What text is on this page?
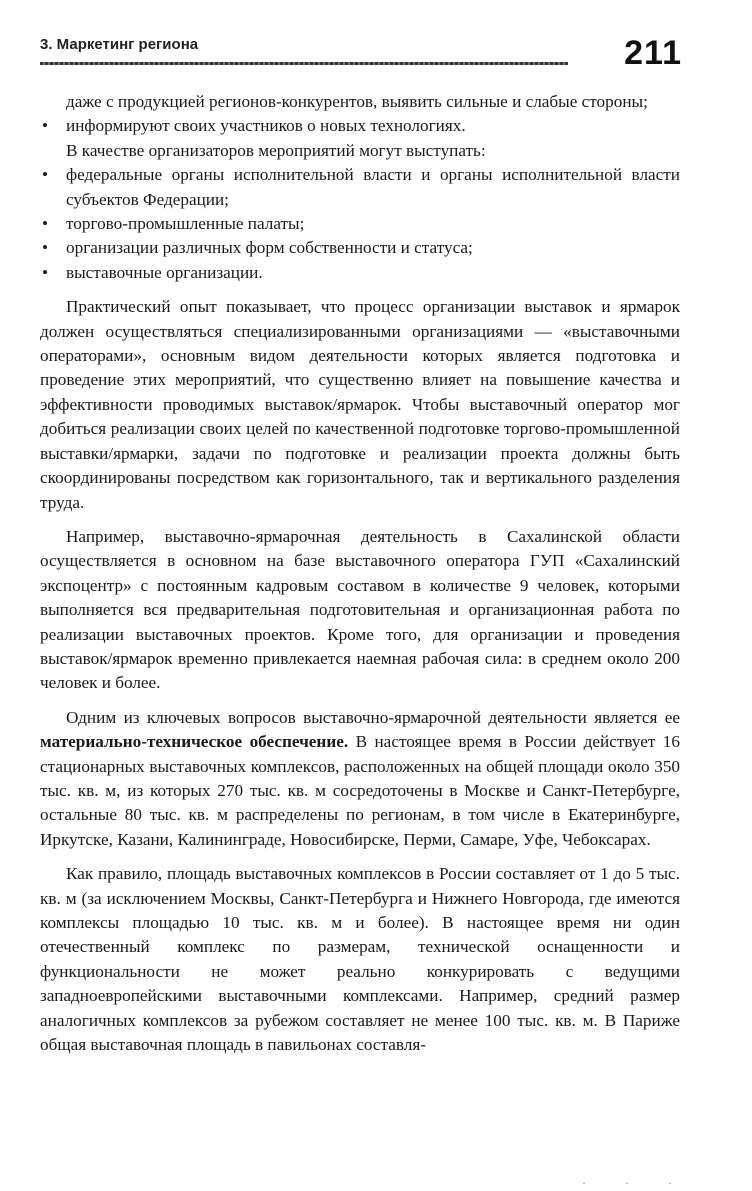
3. Маркетинг региона	211

даже с продукцией регионов-конкурентов, выявить сильные и слабые стороны;

• информируют своих участников о новых технологиях.

В качестве организаторов мероприятий могут выступать:

• федеральные органы исполнительной власти и органы исполнительной власти субъектов Федерации;
• торгово-промышленные палаты;
• организации различных форм собственности и статуса;
• выставочные организации.

Практический опыт показывает, что процесс организации выставок и ярмарок должен осуществляться специализированными организациями — «выставочными операторами», основным видом деятельности которых является подготовка и проведение этих мероприятий, что существенно влияет на повышение качества и эффективности проводимых выставок/ярмарок. Чтобы выставочный оператор мог добиться реализации своих целей по качественной подготовке торгово-промышленной выставки/ярмарки, задачи по подготовке и реализации проекта должны быть скоординированы посредством как горизонтального, так и вертикального разделения труда.

Например, выставочно-ярмарочная деятельность в Сахалинской области осуществляется в основном на базе выставочного оператора ГУП «Сахалинский экспоцентр» с постоянным кадровым составом в количестве 9 человек, которыми выполняется вся предварительная подготовительная и организационная работа по реализации выставочных проектов. Кроме того, для организации и проведения выставок/ярмарок временно привлекается наемная рабочая сила: в среднем около 200 человек и более.

Одним из ключевых вопросов выставочно-ярмарочной деятельности является ее материально-техническое обеспечение. В настоящее время в России действует 16 стационарных выставочных комплексов, расположенных на общей площади около 350 тыс. кв. м, из которых 270 тыс. кв. м сосредоточены в Москве и Санкт-Петербурге, остальные 80 тыс. кв. м распределены по регионам, в том числе в Екатеринбурге, Иркутске, Казани, Калининграде, Новосибирске, Перми, Самаре, Уфе, Чебоксарах.

Как правило, площадь выставочных комплексов в России составляет от 1 до 5 тыс. кв. м (за исключением Москвы, Санкт-Петербурга и Нижнего Новгорода, где имеются комплексы площадью 10 тыс. кв. м и более). В настоящее время ни один отечественный комплекс по размерам, технической оснащенности и функциональности не может реально конкурировать с ведущими западноевропейскими выставочными комплексами. Например, средний размер аналогичных комплексов за рубежом составляет не менее 100 тыс. кв. м. В Париже общая выставочная площадь в павильонах составля-

· · ·
